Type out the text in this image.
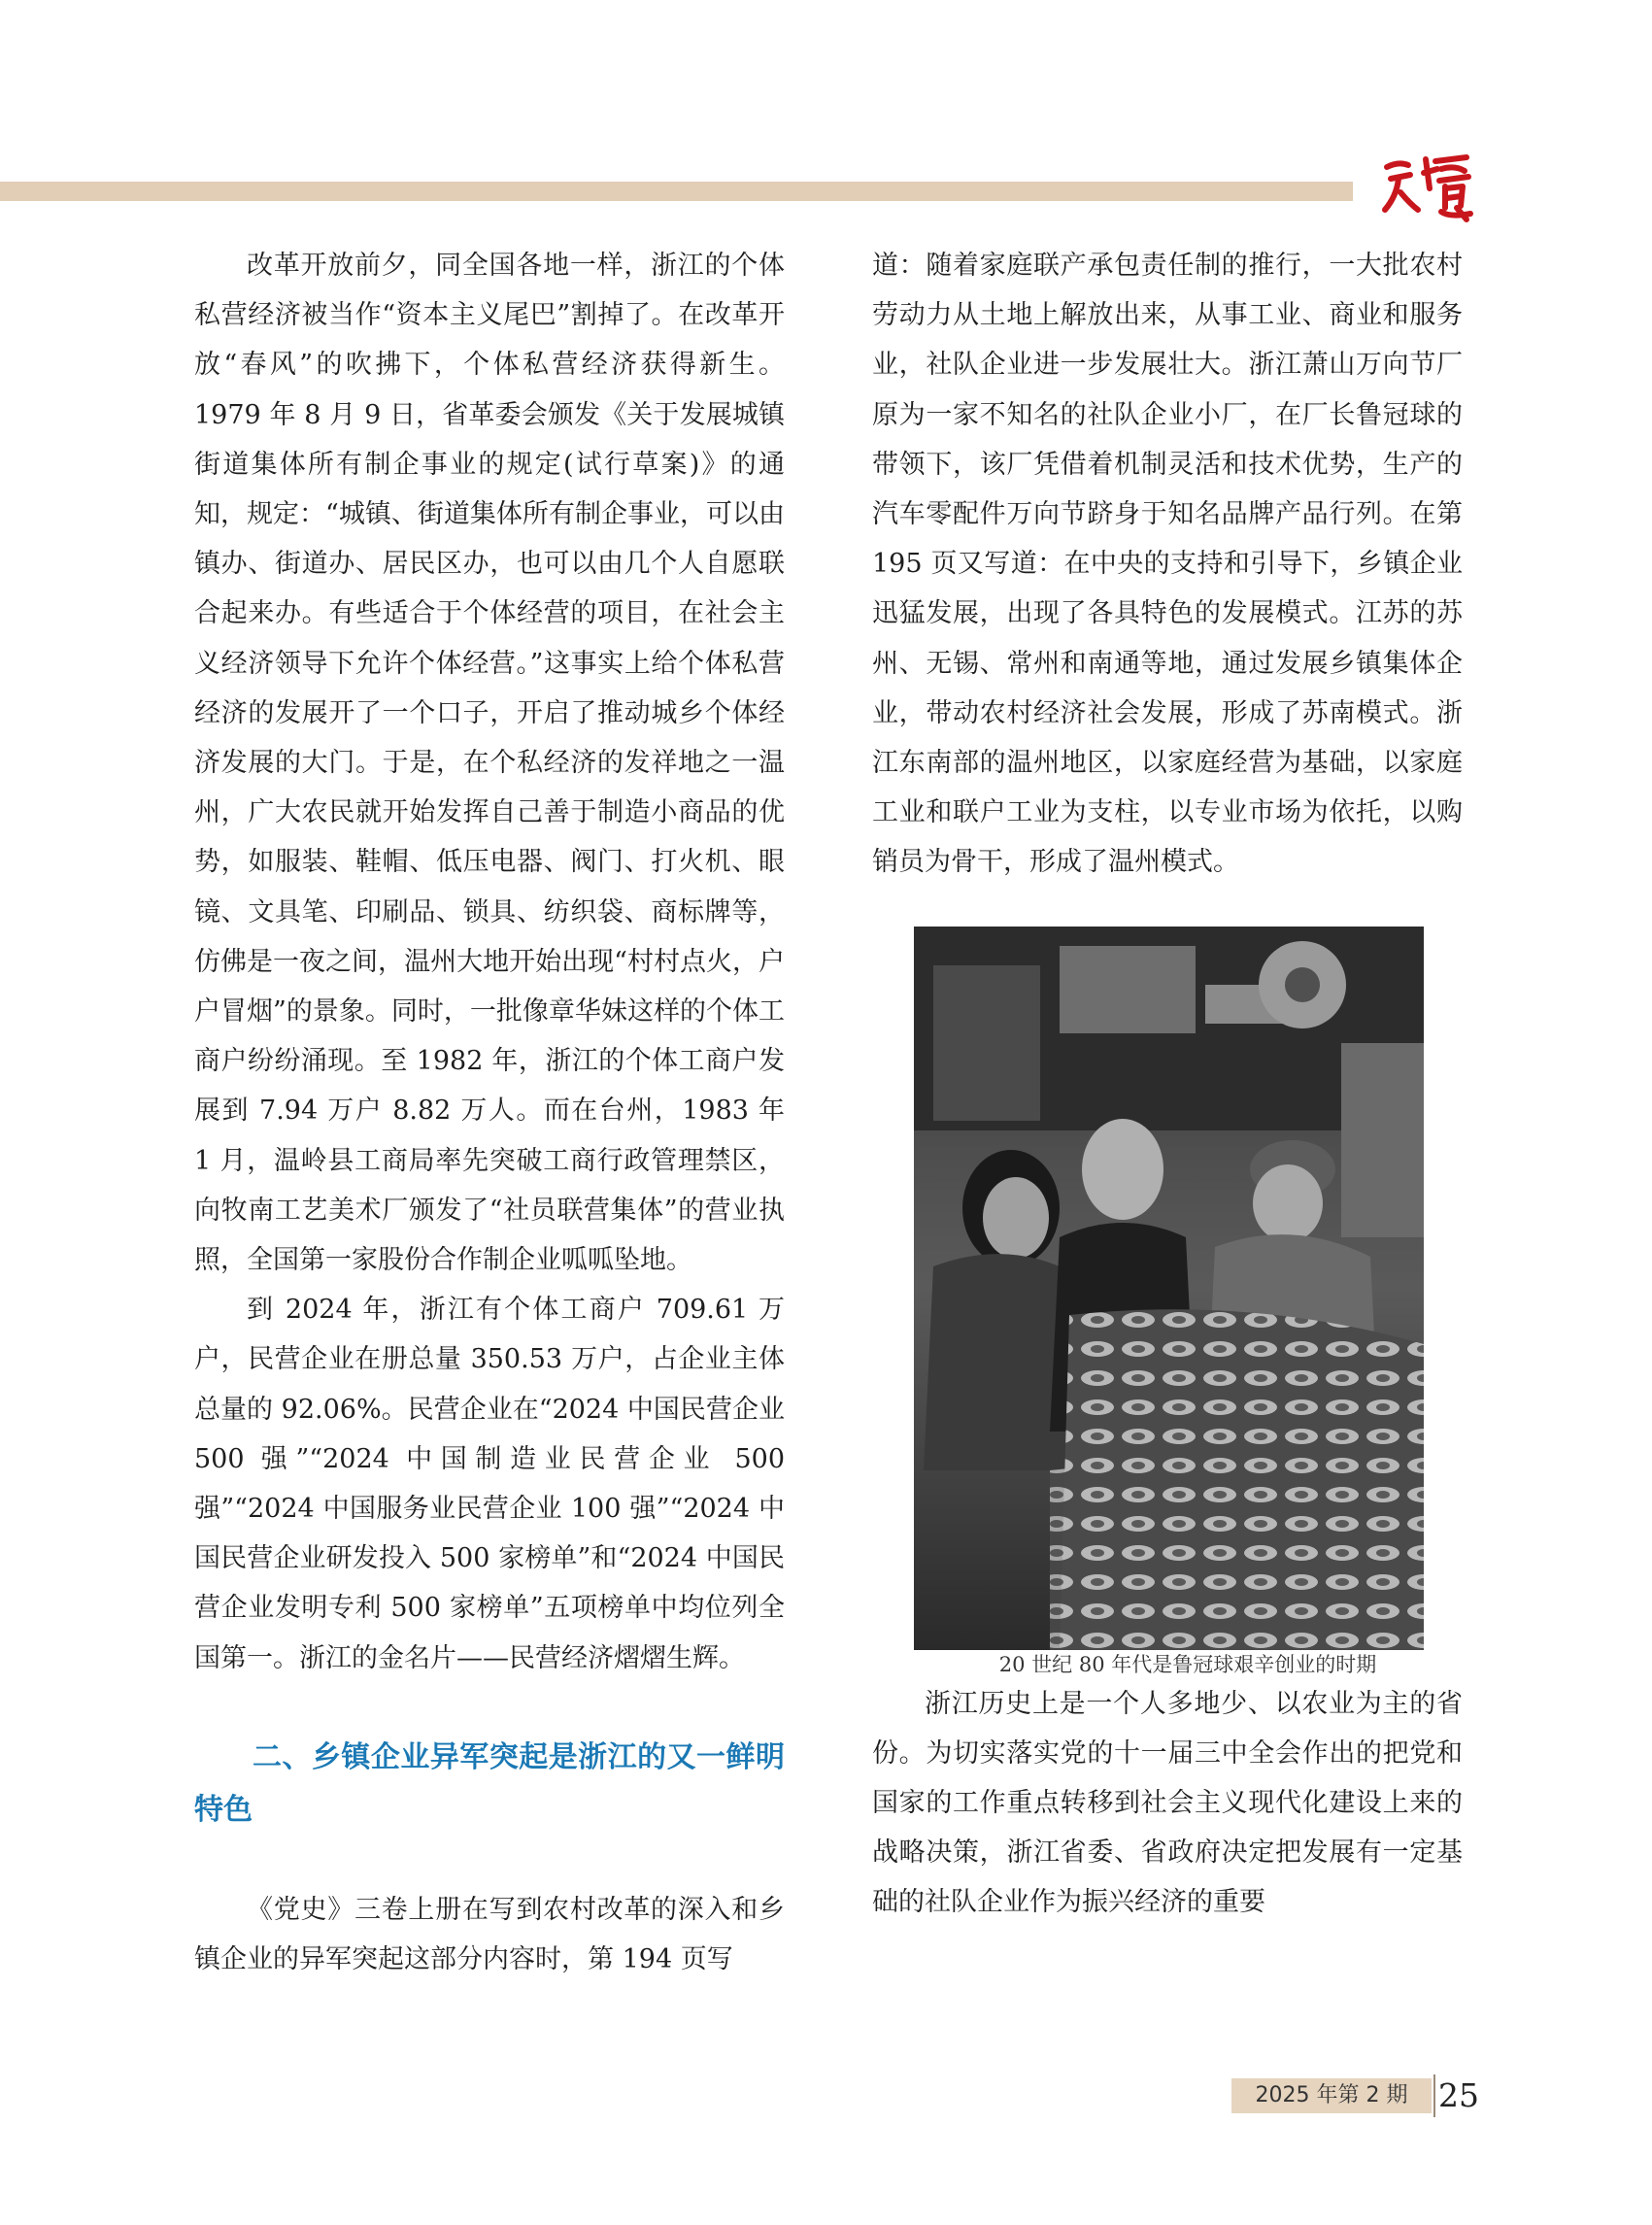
改革开放前夕，同全国各地一样，浙江的个体私营经济被当作“资本主义尾巴”割掉了。在改革开放“春风”的吹拂下，个体私营经济获得新生。1979 年 8 月 9 日，省革委会颁发《关于发展城镇街道集体所有制企事业的规定(试行草案)》的通知，规定：“城镇、街道集体所有制企事业，可以由镇办、街道办、居民区办，也可以由几个人自愿联合起来办。有些适合于个体经营的项目，在社会主义经济领导下允许个体经营。”这事实上给个体私营经济的发展开了一个口子，开启了推动城乡个体经济发展的大门。于是，在个私经济的发祥地之一温州，广大农民就开始发挥自己善于制造小商品的优势，如服装、鞋帽、低压电器、阀门、打火机、眼镜、文具笔、印刷品、锁具、纺织袋、商标牌等，仿佛是一夜之间，温州大地开始出现“村村点火，户户冒烟”的景象。同时，一批像章华妹这样的个体工商户纷纷涌现。至 1982 年，浙江的个体工商户发展到 7.94 万户 8.82 万人。而在台州，1983 年 1 月，温岭县工商局率先突破工商行政管理禁区，向牧南工艺美术厂颁发了“社员联营集体”的营业执照，全国第一家股份合作制企业呱呱坠地。

到 2024 年，浙江有个体工商户 709.61 万户，民营企业在册总量 350.53 万户，占企业主体总量的 92.06%。民营企业在“2024 中国民营企业 500 强”“2024 中国制造业民营企业 500 强”“2024 中国服务业民营企业 100 强”“2024 中国民营企业研发投入 500 家榜单”和“2024 中国民营企业发明专利 500 家榜单”五项榜单中均位列全国第一。浙江的金名片——民营经济熠熠生辉。

二、乡镇企业异军突起是浙江的又一鲜明特色

《党史》三卷上册在写到农村改革的深入和乡镇企业的异军突起这部分内容时，第 194 页写

道：随着家庭联产承包责任制的推行，一大批农村劳动力从土地上解放出来，从事工业、商业和服务业，社队企业进一步发展壮大。浙江萧山万向节厂原为一家不知名的社队企业小厂，在厂长鲁冠球的带领下，该厂凭借着机制灵活和技术优势，生产的汽车零配件万向节跻身于知名品牌产品行列。在第 195 页又写道：在中央的支持和引导下，乡镇企业迅猛发展，出现了各具特色的发展模式。江苏的苏州、无锡、常州和南通等地，通过发展乡镇集体企业，带动农村经济社会发展，形成了苏南模式。浙江东南部的温州地区，以家庭经营为基础，以家庭工业和联户工业为支柱，以专业市场为依托，以购销员为骨干，形成了温州模式。

20 世纪 80 年代是鲁冠球艰辛创业的时期

浙江历史上是一个人多地少、以农业为主的省份。为切实落实党的十一届三中全会作出的把党和国家的工作重点转移到社会主义现代化建设上来的战略决策，浙江省委、省政府决定把发展有一定基础的社队企业作为振兴经济的重要

2025 年第 2 期 25
